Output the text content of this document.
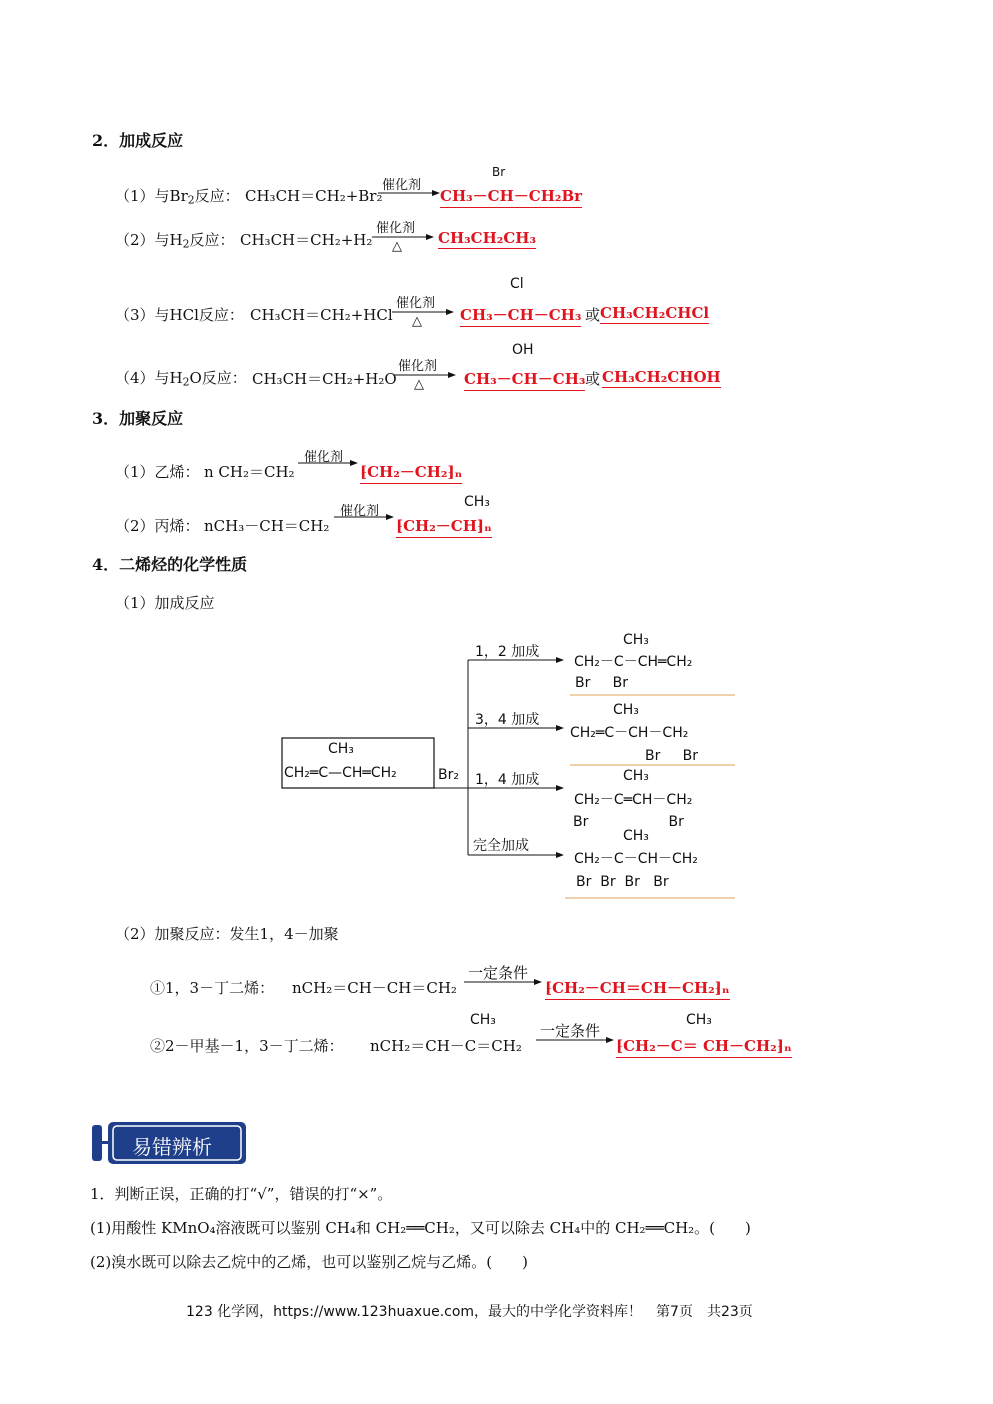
2．加成反应
（1）与$Br_2$反应： CH₃CH＝CH₂+Br₂
催化剂
Br
CH₃－CH－CH₂Br
（2）与$H_2$反应： CH₃CH＝CH₂+H₂
催化剂
△ CH₃CH₂CH₃
（3）与HCl反应： CH₃CH＝CH₂+HCl
催化剂
△
Cl
CH₃－CH－CH₃ 或 CH₃CH₂CHCl
（4）与$H_2O$反应： CH₃CH＝CH₂+H₂O
催化剂
△
OH
CH₃－CH－CH₃ 或 CH₃CH₂CHOH
3．加聚反应
（1）乙烯： n CH₂＝CH₂
催化剂
⁅CH₂－CH₂⁆ₙ
（2）丙烯： nCH₃－CH＝CH₂
催化剂
CH₃
⁅CH₂－CH⁆ₙ
4．二烯烃的化学性质
（1）加成反应
CH₃
CH₂═C—CH═CH₂	Br₂
1，2 加成
CH₃
CH₂－C－CH═CH₂
Br     Br
3，4 加成
CH₃
CH₂═C－CH－CH₂
Br     Br
1，4 加成	CH₃
CH₂－C═CH－CH₂
Br                  Br
完全加成
CH₃
CH₂－C－CH－CH₂
Br  Br  Br   Br
（2）加聚反应：发生1，4－加聚
①1，3－丁二烯： nCH₂＝CH－CH＝CH₂
一定条件
⁅CH₂－CH＝CH－CH₂⁆ₙ
CH₃
②2－甲基－1，3－丁二烯： nCH₂＝CH－C＝CH₂
一定条件
CH₃
⁅CH₂－C＝ CH－CH₂⁆ₙ
易错辨析
1．判断正误，正确的打“√”，错误的打“×”。
(1)用酸性 KMnO₄溶液既可以鉴别 CH₄和 CH₂══CH₂，又可以除去 CH₄中的 CH₂══CH₂。(　　)
(2)溴水既可以除去乙烷中的乙烯，也可以鉴别乙烷与乙烯。(　　)
123 化学网，https://www.123huaxue.com，最大的中学化学资料库！　第7页　共23页
